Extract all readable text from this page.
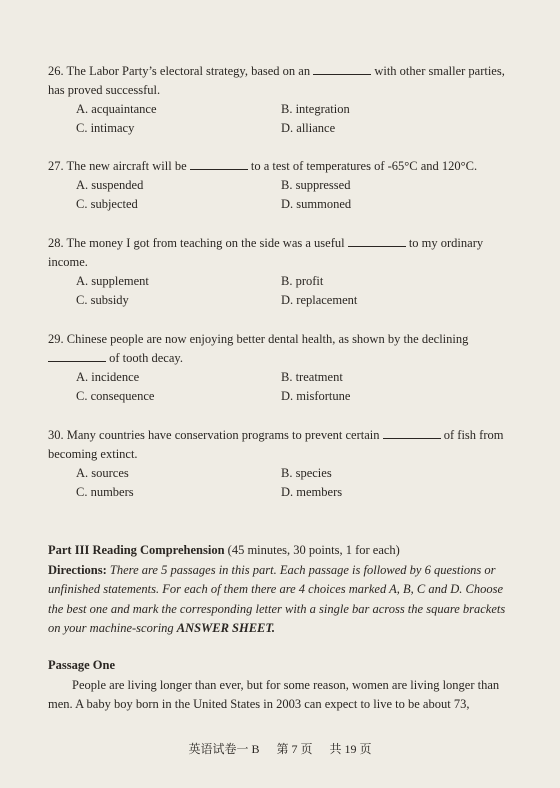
26. The Labor Party’s electoral strategy, based on an	with other smaller parties, has proved successful.
A. acquaintance	B. integration
C. intimacy	D. alliance
27. The new aircraft will be	to a test of temperatures of -65°C and 120°C.
A. suspended	B. suppressed
C. subjected	D. summoned
28. The money I got from teaching on the side was a useful	to my ordinary income.
A. supplement	B. profit
C. subsidy	D. replacement
29. Chinese people are now enjoying better dental health, as shown by the declining  of tooth decay.
A. incidence	B. treatment
C. consequence	D. misfortune
30. Many countries have conservation programs to prevent certain	of fish from becoming extinct.
A. sources	B. species
C. numbers	D. members
Part III Reading Comprehension (45 minutes, 30 points, 1 for each)
Directions: There are 5 passages in this part. Each passage is followed by 6 questions or unfinished statements. For each of them there are 4 choices marked A, B, C and D. Choose the best one and mark the corresponding letter with a single bar across the square brackets on your machine-scoring ANSWER SHEET.
Passage One
People are living longer than ever, but for some reason, women are living longer than men. A baby boy born in the United States in 2003 can expect to live to be about 73,
英语试卷一 B 第 7 页 共 19 页
